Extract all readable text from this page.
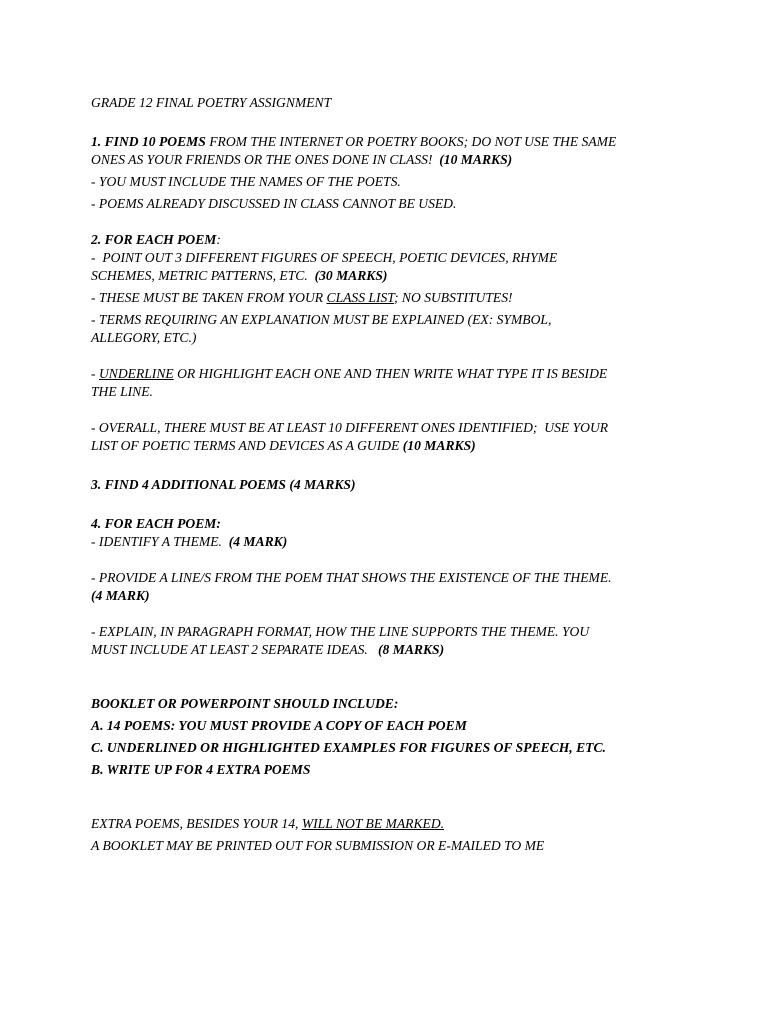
GRADE 12 FINAL POETRY ASSIGNMENT
1. FIND 10 POEMS FROM THE INTERNET OR POETRY BOOKS; DO NOT USE THE SAME
ONES AS YOUR FRIENDS OR THE ONES DONE IN CLASS!  (10 MARKS)
- YOU MUST INCLUDE THE NAMES OF THE POETS.
- POEMS ALREADY DISCUSSED IN CLASS CANNOT BE USED.
2. FOR EACH POEM:
-  POINT OUT 3 DIFFERENT FIGURES OF SPEECH, POETIC DEVICES, RHYME
SCHEMES, METRIC PATTERNS, ETC.  (30 MARKS)
- THESE MUST BE TAKEN FROM YOUR CLASS LIST; NO SUBSTITUTES!
- TERMS REQUIRING AN EXPLANATION MUST BE EXPLAINED (EX: SYMBOL,
ALLEGORY, ETC.)
- UNDERLINE OR HIGHLIGHT EACH ONE AND THEN WRITE WHAT TYPE IT IS BESIDE
THE LINE.
- OVERALL, THERE MUST BE AT LEAST 10 DIFFERENT ONES IDENTIFIED;  USE YOUR
LIST OF POETIC TERMS AND DEVICES AS A GUIDE (10 MARKS)
3. FIND 4 ADDITIONAL POEMS (4 MARKS)
4. FOR EACH POEM:
- IDENTIFY A THEME.  (4 MARK)
- PROVIDE A LINE/S FROM THE POEM THAT SHOWS THE EXISTENCE OF THE THEME.
(4 MARK)
- EXPLAIN, IN PARAGRAPH FORMAT, HOW THE LINE SUPPORTS THE THEME. YOU
MUST INCLUDE AT LEAST 2 SEPARATE IDEAS.   (8 MARKS)
BOOKLET OR POWERPOINT SHOULD INCLUDE:
A. 14 POEMS: YOU MUST PROVIDE A COPY OF EACH POEM
C. UNDERLINED OR HIGHLIGHTED EXAMPLES FOR FIGURES OF SPEECH, ETC.
B. WRITE UP FOR 4 EXTRA POEMS
EXTRA POEMS, BESIDES YOUR 14, WILL NOT BE MARKED.
A BOOKLET MAY BE PRINTED OUT FOR SUBMISSION OR E-MAILED TO ME
